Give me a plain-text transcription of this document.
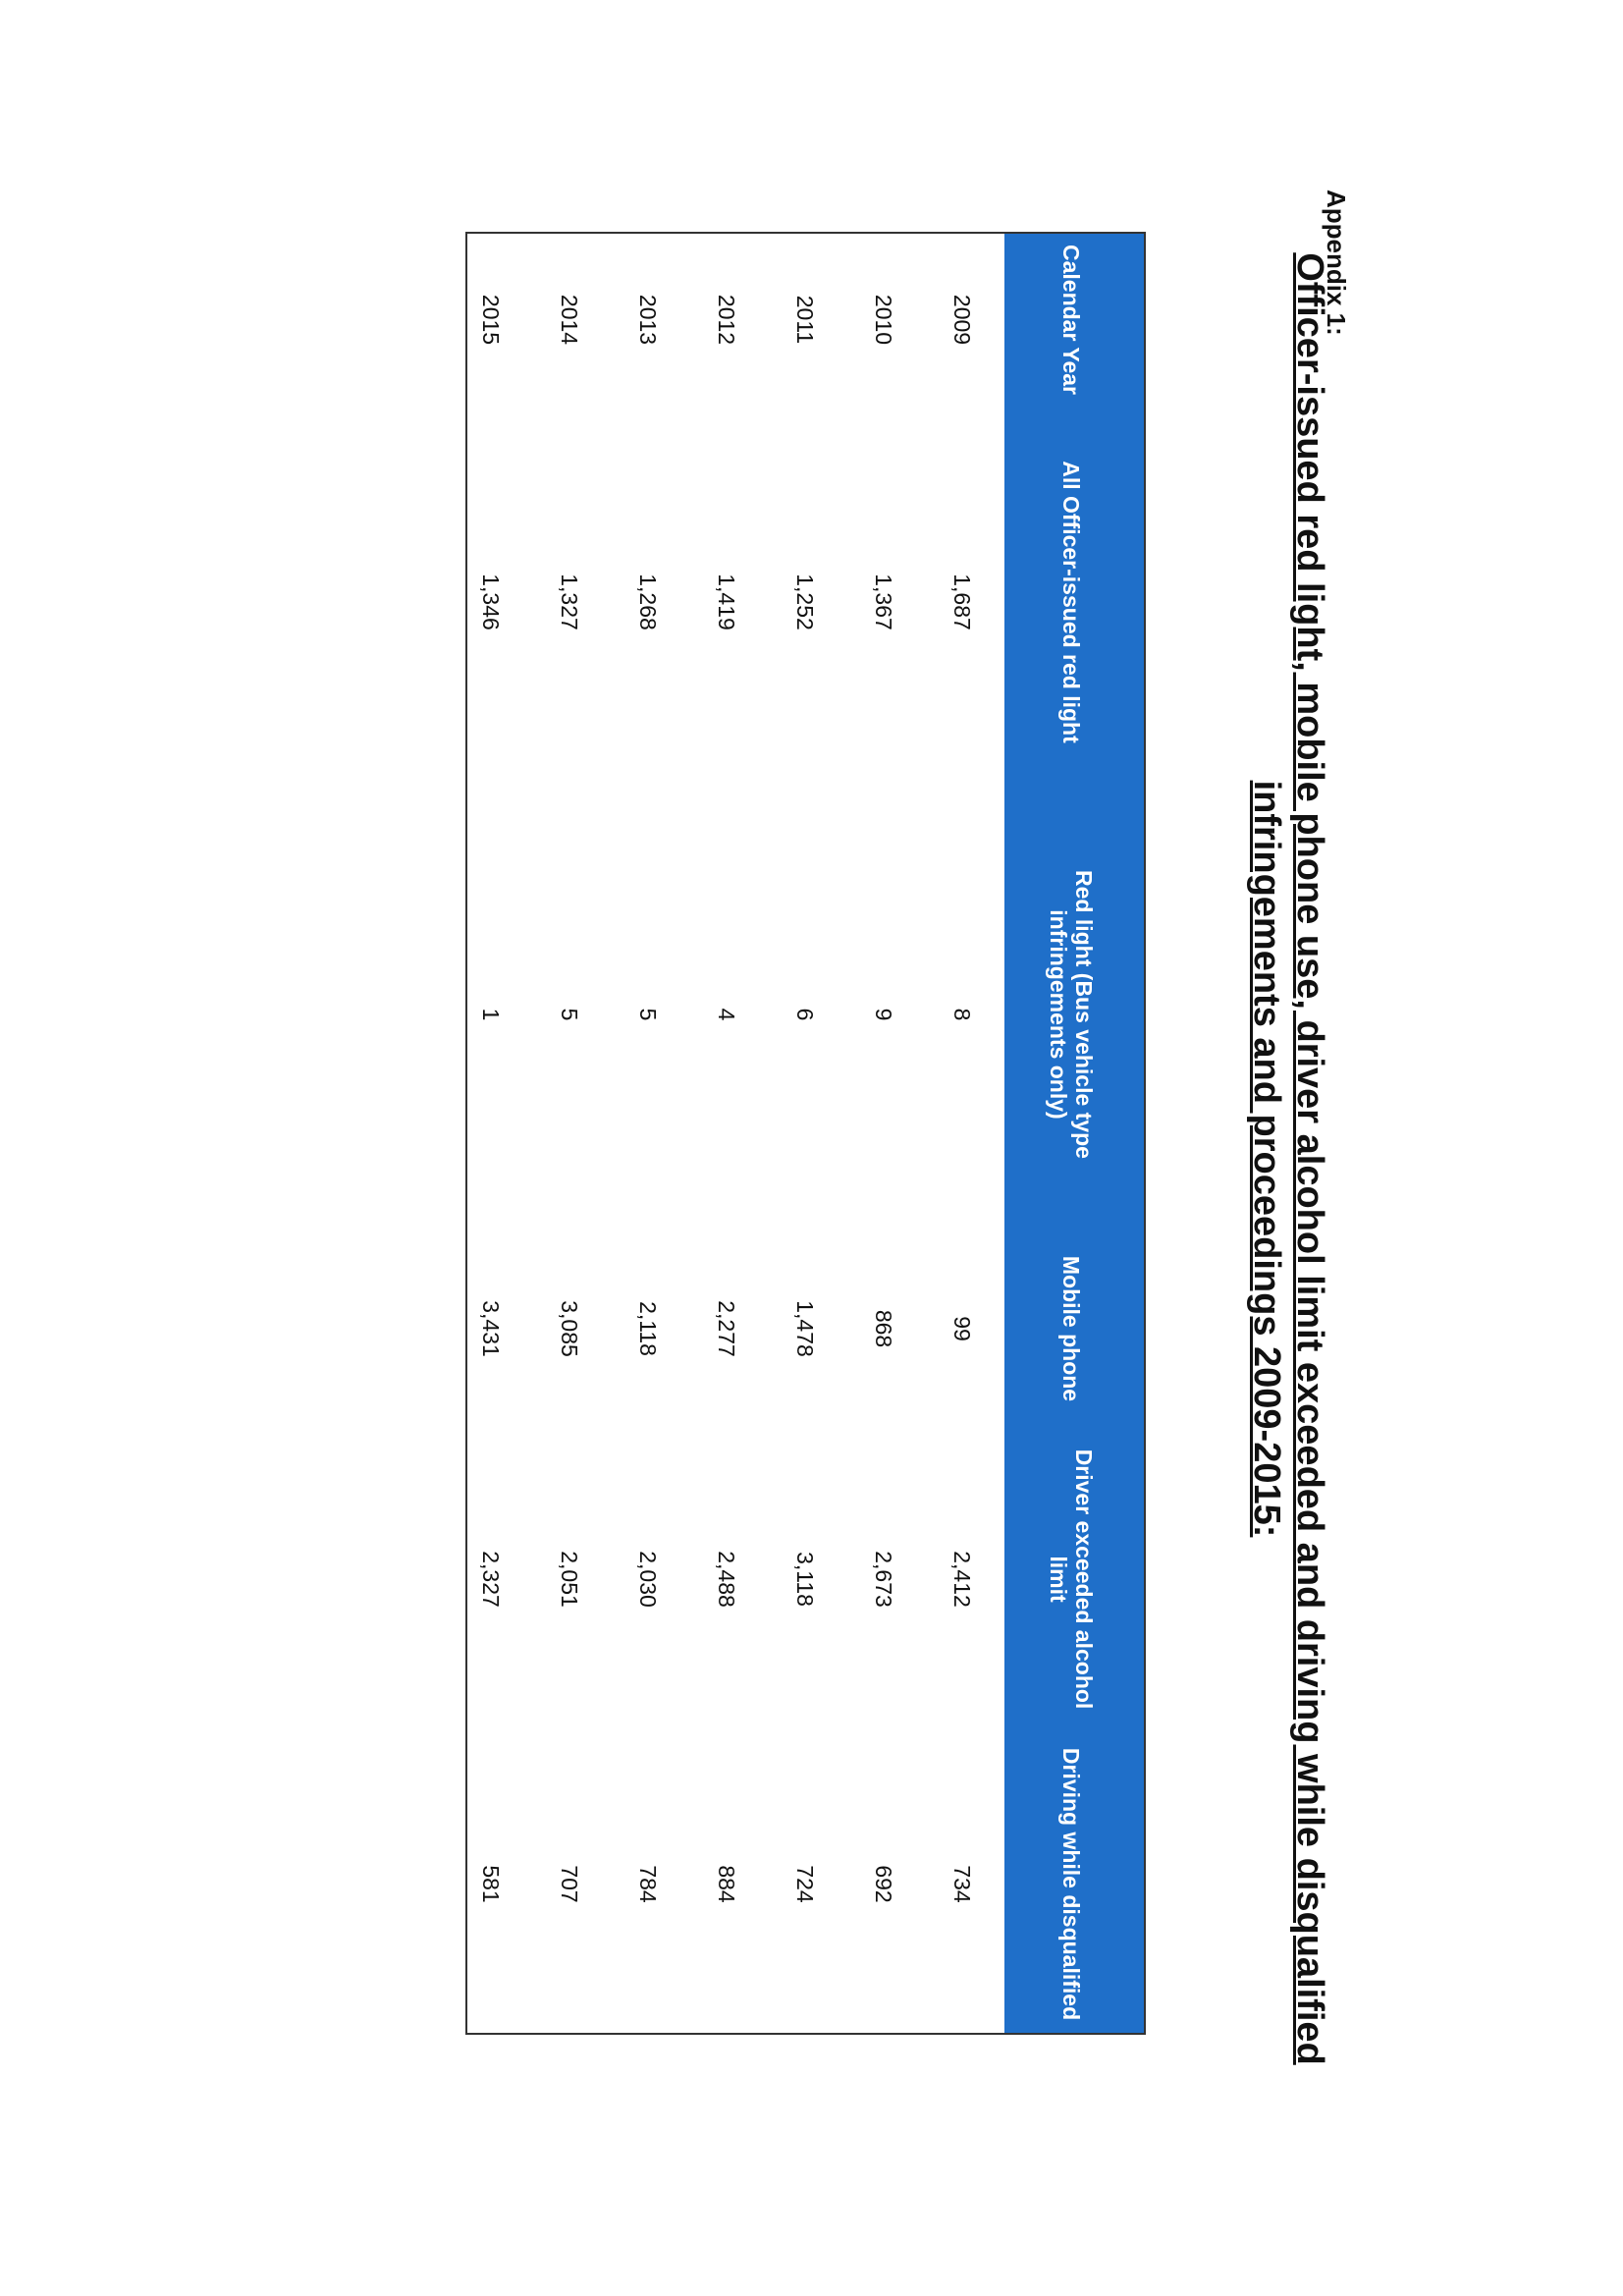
Appendix 1:

Officer-issued red light, mobile phone use, driver alcohol limit exceeded and driving while disqualified infringements and proceedings 2009-2015:
Calendar Year
All Officer-issued red light
Red light (Bus vehicle type infringements only)
Mobile phone
Driver exceeded alcohol limit
Driving while disqualified
2009
1,687
8
99
2,412
734
2010
1,367
9
868
2,673
692
2011
1,252
6
1,478
3,118
724
2012
1,419
4
2,277
2,488
884
2013
1,268
5
2,118
2,030
784
2014
1,327
5
3,085
2,051
707
2015
1,346
1
3,431
2,327
581
